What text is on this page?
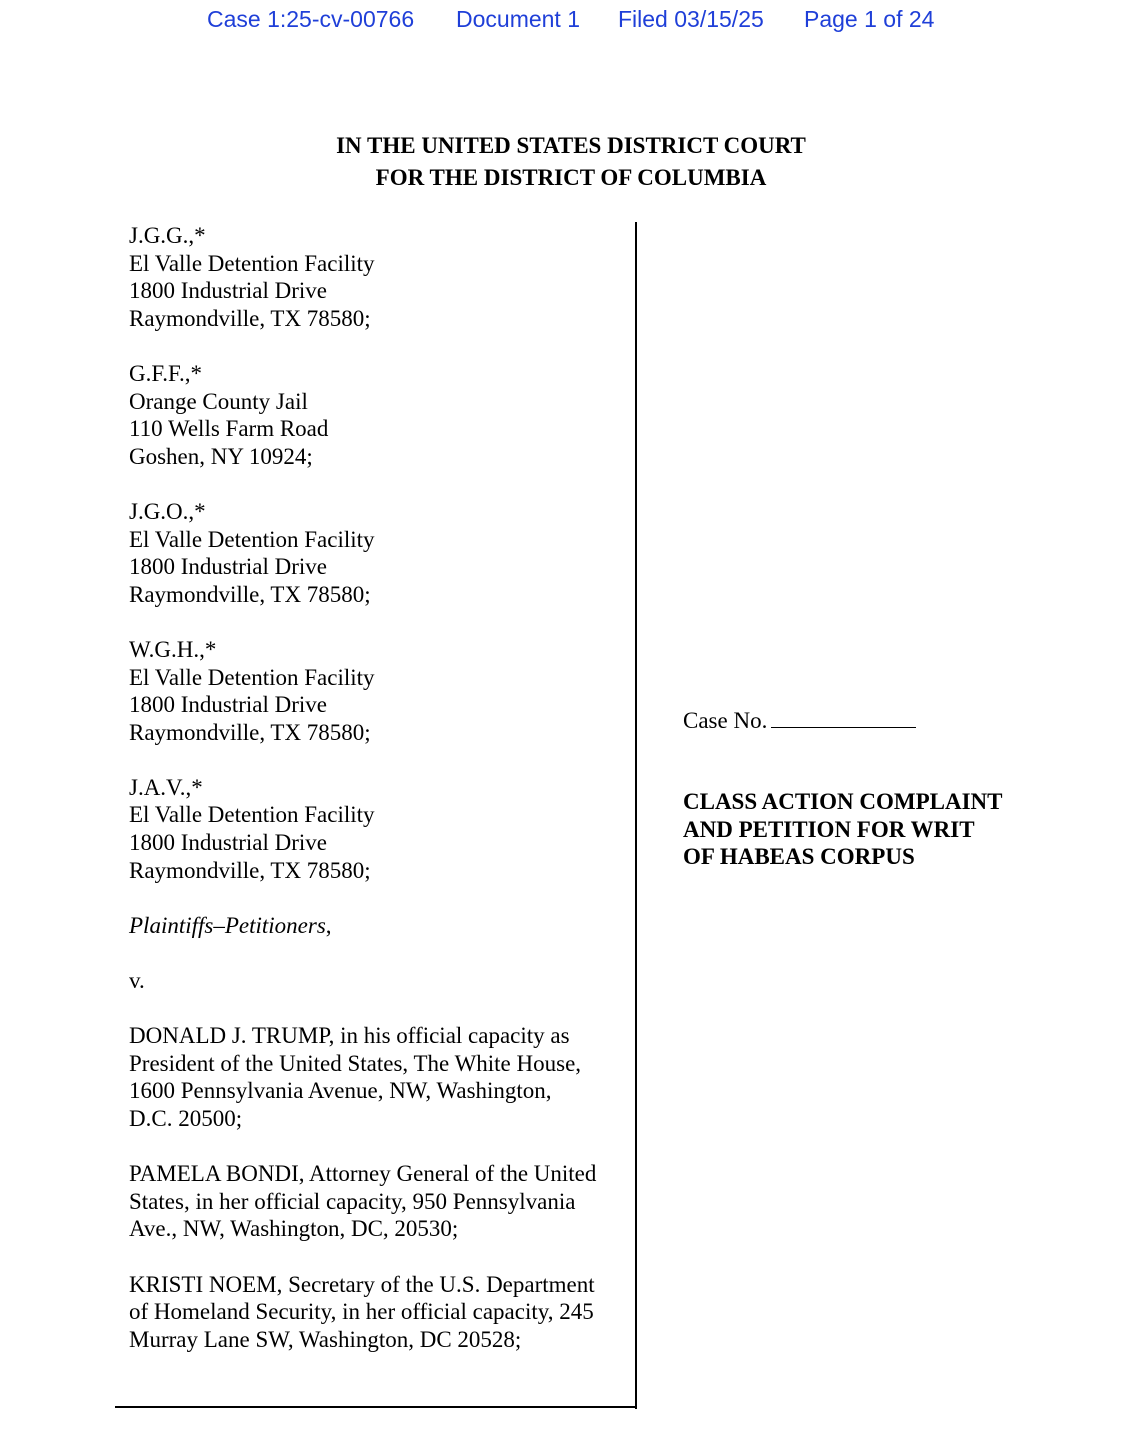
Case 1:25-cv-00766 Document 1 Filed 03/15/25 Page 1 of 24
IN THE UNITED STATES DISTRICT COURT
FOR THE DISTRICT OF COLUMBIA
J.G.G.,*
El Valle Detention Facility
1800 Industrial Drive
Raymondville, TX 78580;
G.F.F.,*
Orange County Jail
110 Wells Farm Road
Goshen, NY 10924;
J.G.O.,*
El Valle Detention Facility
1800 Industrial Drive
Raymondville, TX 78580;
W.G.H.,*
El Valle Detention Facility
1800 Industrial Drive
Raymondville, TX 78580;
J.A.V.,*
El Valle Detention Facility
1800 Industrial Drive
Raymondville, TX 78580;
Plaintiffs–Petitioners,
v.
DONALD J. TRUMP, in his official capacity as
President of the United States, The White House,
1600 Pennsylvania Avenue, NW, Washington,
D.C. 20500;
PAMELA BONDI, Attorney General of the United
States, in her official capacity, 950 Pennsylvania
Ave., NW, Washington, DC, 20530;
KRISTI NOEM, Secretary of the U.S. Department
of Homeland Security, in her official capacity, 245
Murray Lane SW, Washington, DC 20528;
Case No.
CLASS ACTION COMPLAINT
AND PETITION FOR WRIT
OF HABEAS CORPUS
